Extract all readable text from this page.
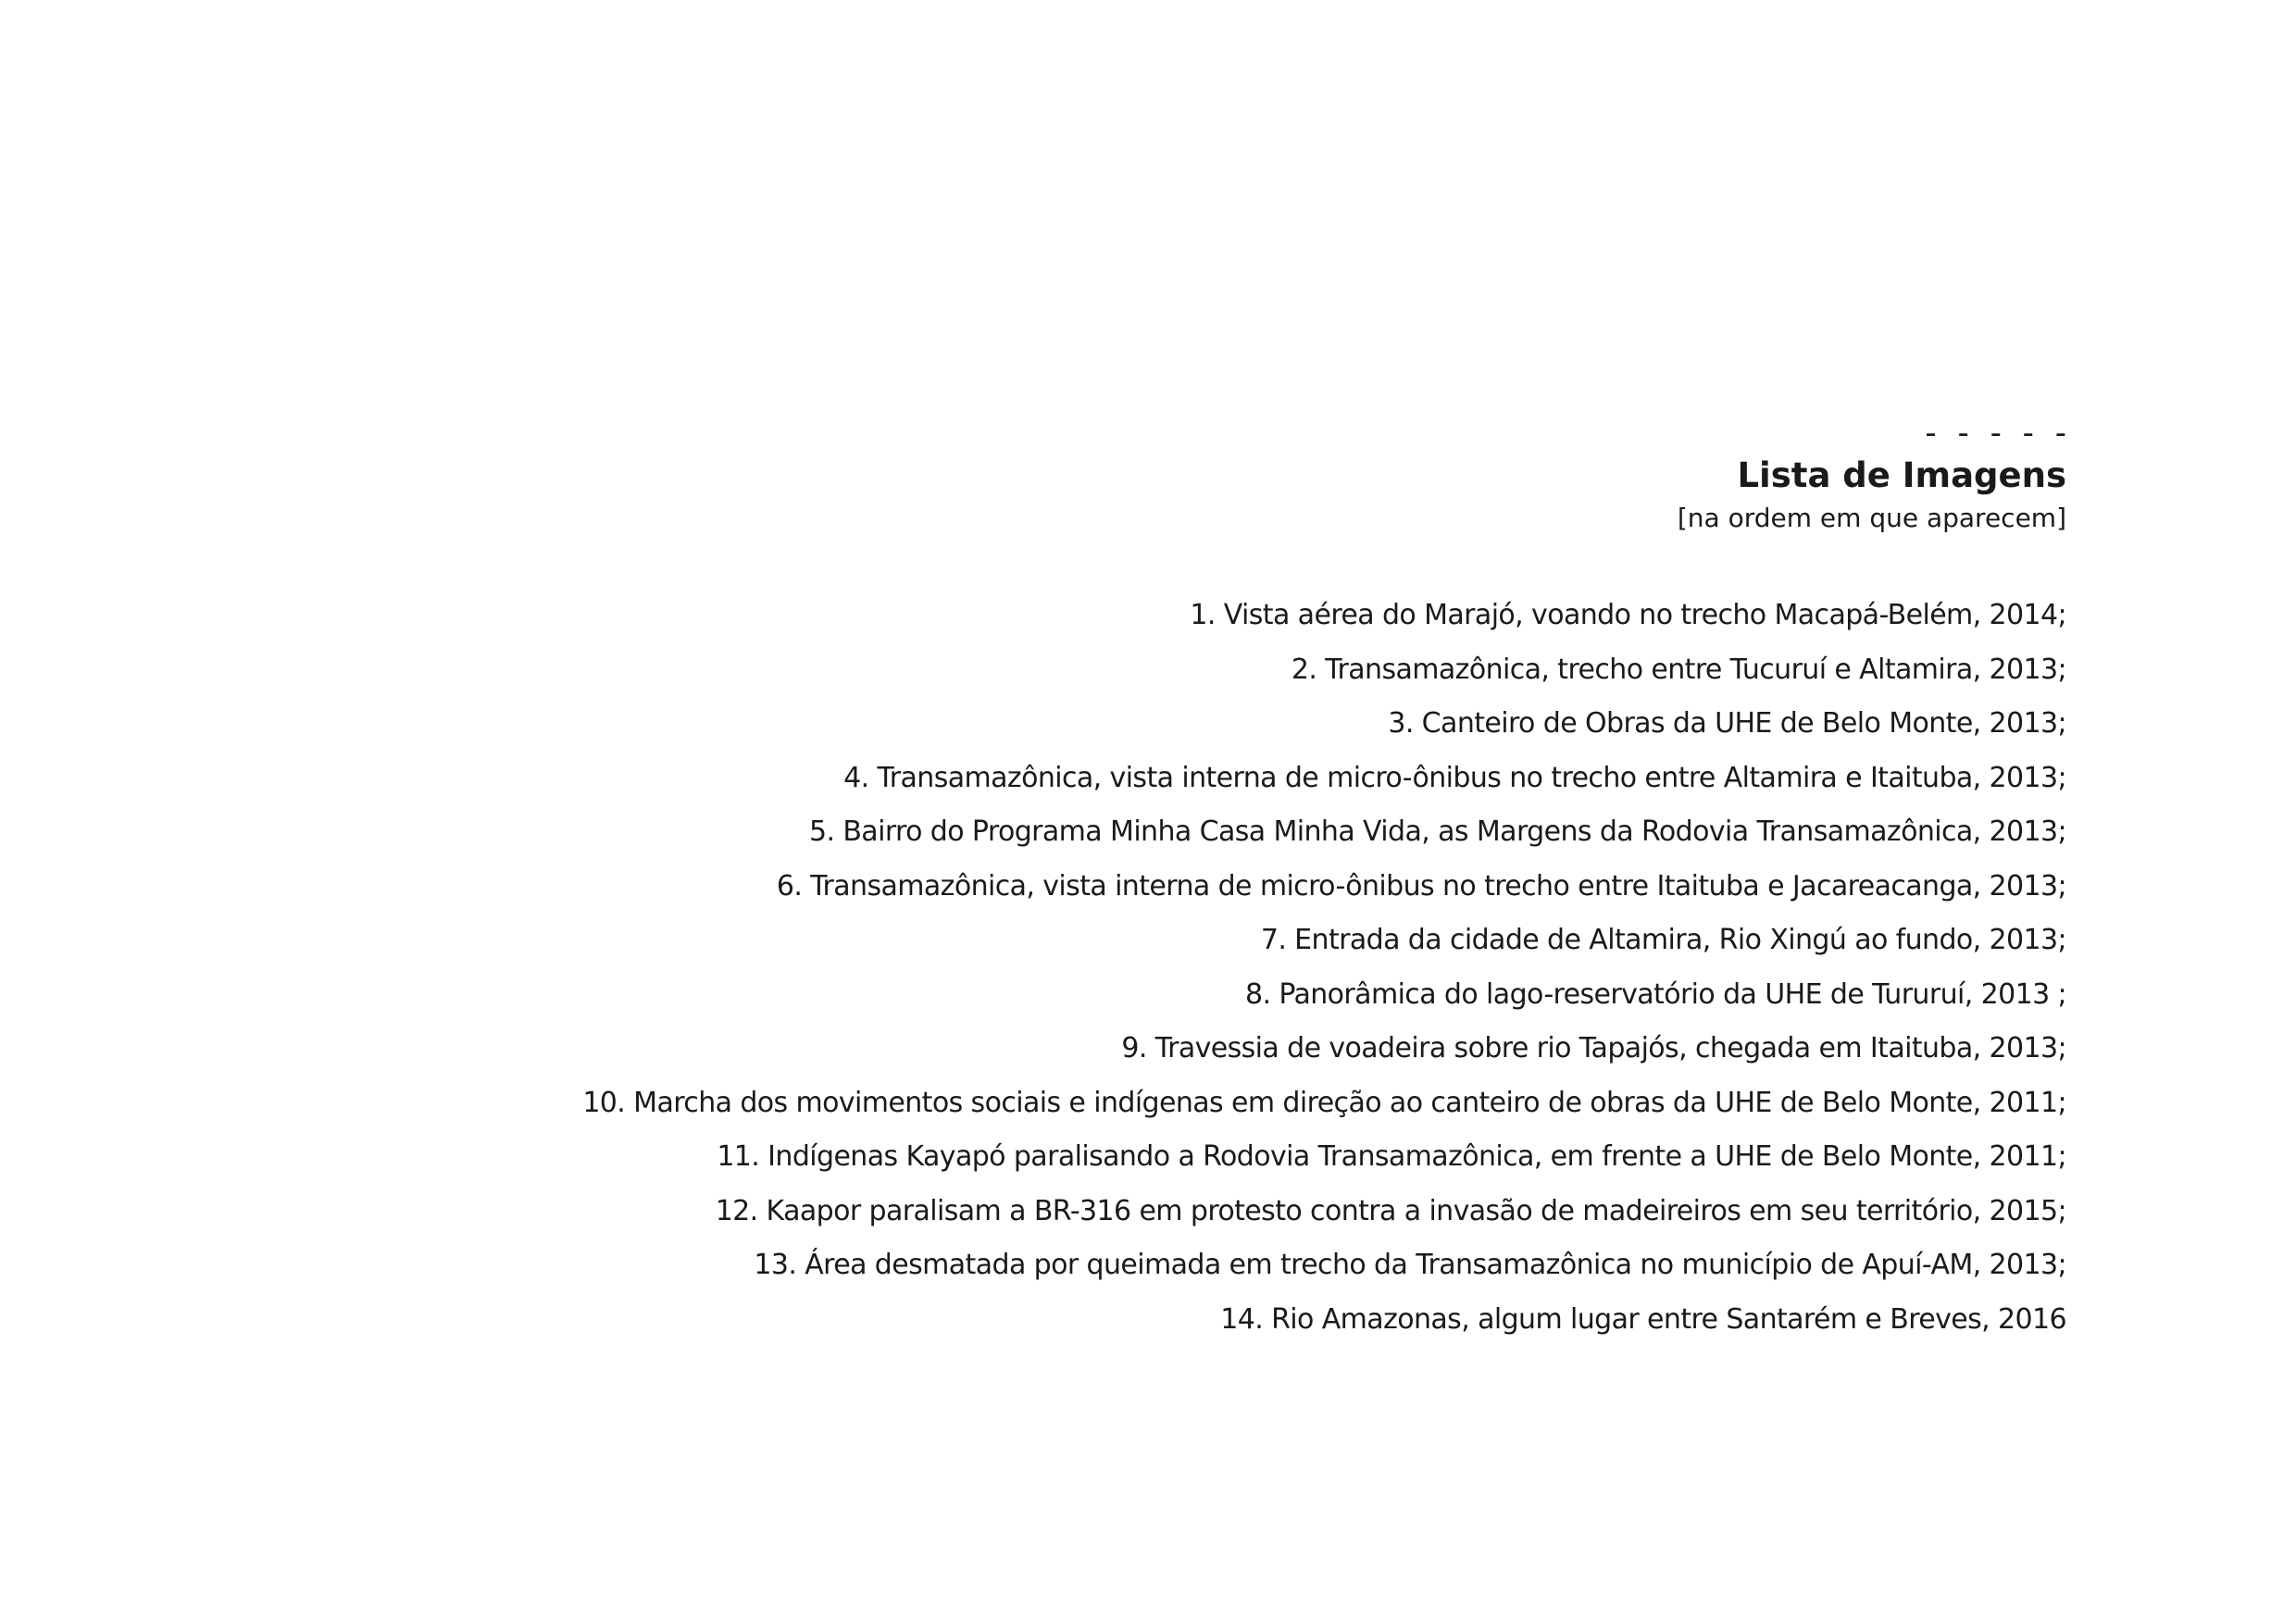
- - - - -
Lista de Imagens

[na ordem em que aparecem]

1. Vista aérea do Marajó, voando no trecho Macapá-Belém, 2014;
2. Transamazônica, trecho entre Tucuruí e Altamira, 2013;
3. Canteiro de Obras da UHE de Belo Monte, 2013;
4. Transamazônica, vista interna de micro-ônibus no trecho entre Altamira e Itaituba, 2013;
5. Bairro do Programa Minha Casa Minha Vida, as Margens da Rodovia Transamazônica, 2013;
6. Transamazônica, vista interna de micro-ônibus no trecho entre Itaituba e Jacareacanga, 2013;
7. Entrada da cidade de Altamira, Rio Xingú ao fundo, 2013;
8. Panorâmica do lago-reservatório da UHE de Tururuí, 2013 ;
9. Travessia de voadeira sobre rio Tapajós, chegada em Itaituba, 2013;
10. Marcha dos movimentos sociais e indígenas em direção ao canteiro de obras da UHE de Belo Monte, 2011;
11. Indígenas Kayapó paralisando a Rodovia Transamazônica, em frente a UHE de Belo Monte, 2011;
12. Kaapor paralisam a BR-316 em protesto contra a invasão de madeireiros em seu território, 2015;
13. Área desmatada por queimada em trecho da Transamazônica no município de Apuí-AM, 2013;
14. Rio Amazonas, algum lugar entre Santarém e Breves, 2016
